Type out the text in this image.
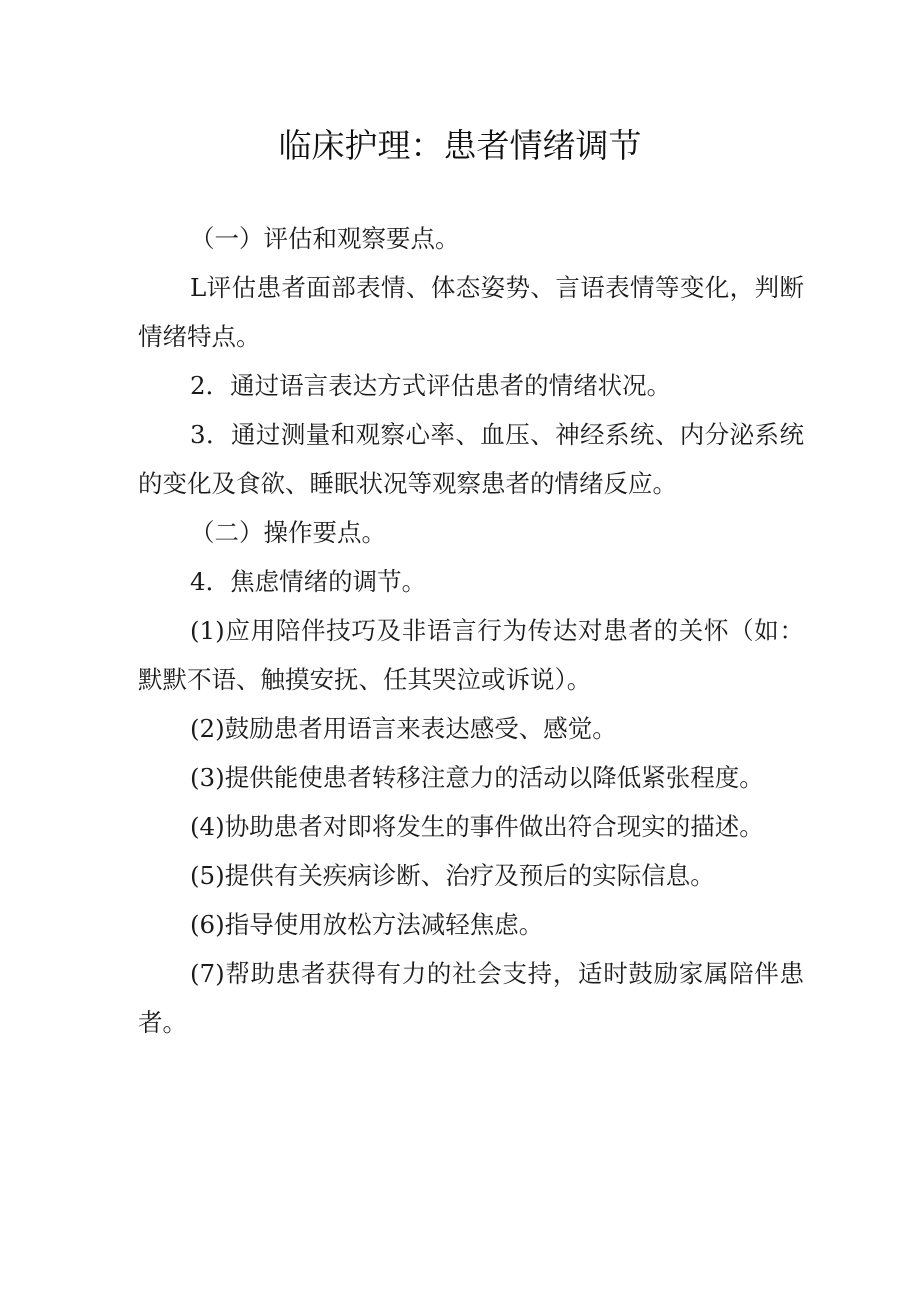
临床护理：患者情绪调节

（一）评估和观察要点。

L评估患者面部表情、体态姿势、言语表情等变化，判断情绪特点。

2．通过语言表达方式评估患者的情绪状况。

3．通过测量和观察心率、血压、神经系统、内分泌系统的变化及食欲、睡眠状况等观察患者的情绪反应。

（二）操作要点。

4．焦虑情绪的调节。

(1)应用陪伴技巧及非语言行为传达对患者的关怀（如：默默不语、触摸安抚、任其哭泣或诉说）。

(2)鼓励患者用语言来表达感受、感觉。

(3)提供能使患者转移注意力的活动以降低紧张程度。

(4)协助患者对即将发生的事件做出符合现实的描述。

(5)提供有关疾病诊断、治疗及预后的实际信息。

(6)指导使用放松方法减轻焦虑。

(7)帮助患者获得有力的社会支持，适时鼓励家属陪伴患者。
